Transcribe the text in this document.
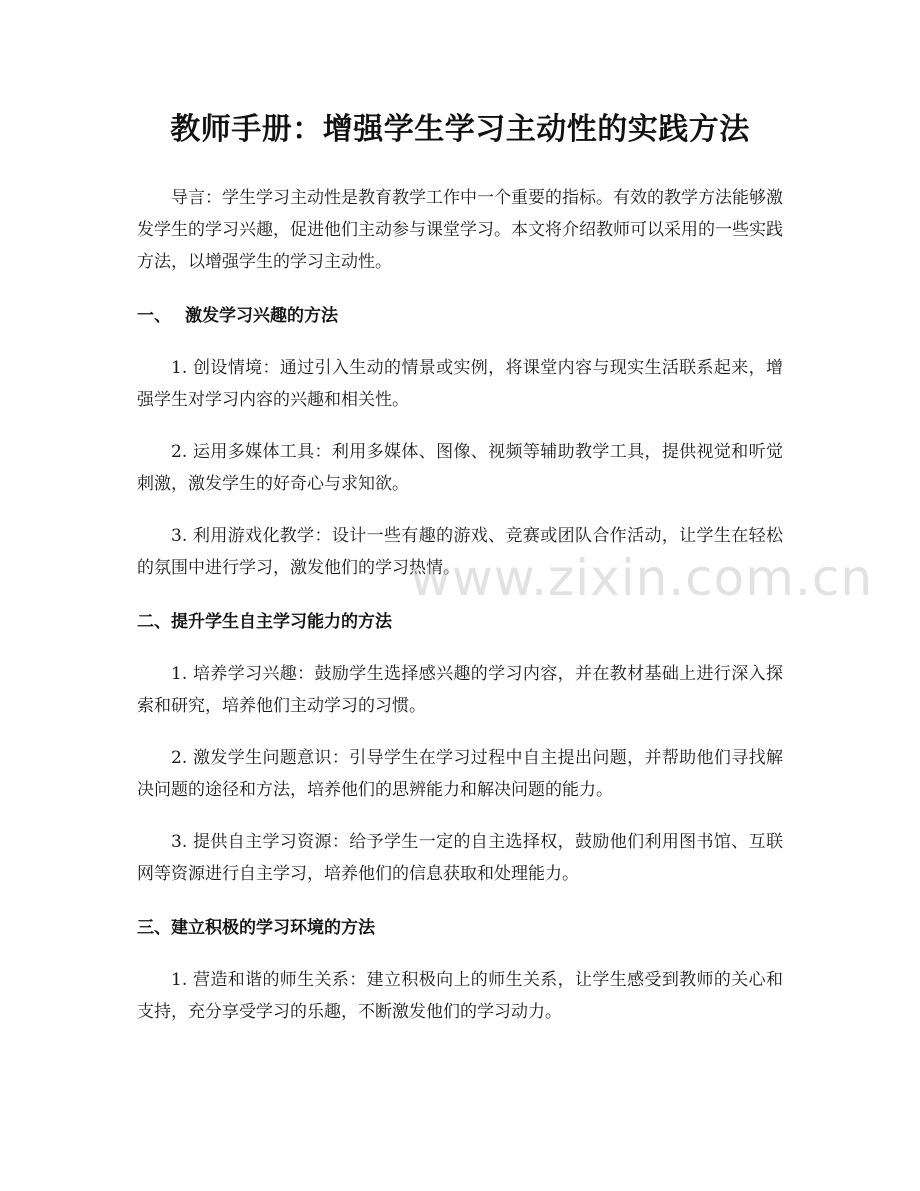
教师手册：增强学生学习主动性的实践方法

导言：学生学习主动性是教育教学工作中一个重要的指标。有效的教学方法能够激发学生的学习兴趣，促进他们主动参与课堂学习。本文将介绍教师可以采用的一些实践方法，以增强学生的学习主动性。

一、 激发学习兴趣的方法

1. 创设情境：通过引入生动的情景或实例，将课堂内容与现实生活联系起来，增强学生对学习内容的兴趣和相关性。

2. 运用多媒体工具：利用多媒体、图像、视频等辅助教学工具，提供视觉和听觉刺激，激发学生的好奇心与求知欲。

3. 利用游戏化教学：设计一些有趣的游戏、竞赛或团队合作活动，让学生在轻松的氛围中进行学习，激发他们的学习热情。

二、提升学生自主学习能力的方法

1. 培养学习兴趣：鼓励学生选择感兴趣的学习内容，并在教材基础上进行深入探索和研究，培养他们主动学习的习惯。

2. 激发学生问题意识：引导学生在学习过程中自主提出问题，并帮助他们寻找解决问题的途径和方法，培养他们的思辨能力和解决问题的能力。

3. 提供自主学习资源：给予学生一定的自主选择权，鼓励他们利用图书馆、互联网等资源进行自主学习，培养他们的信息获取和处理能力。

三、建立积极的学习环境的方法

1. 营造和谐的师生关系：建立积极向上的师生关系，让学生感受到教师的关心和支持，充分享受学习的乐趣，不断激发他们的学习动力。

www.zixin.com.cn
